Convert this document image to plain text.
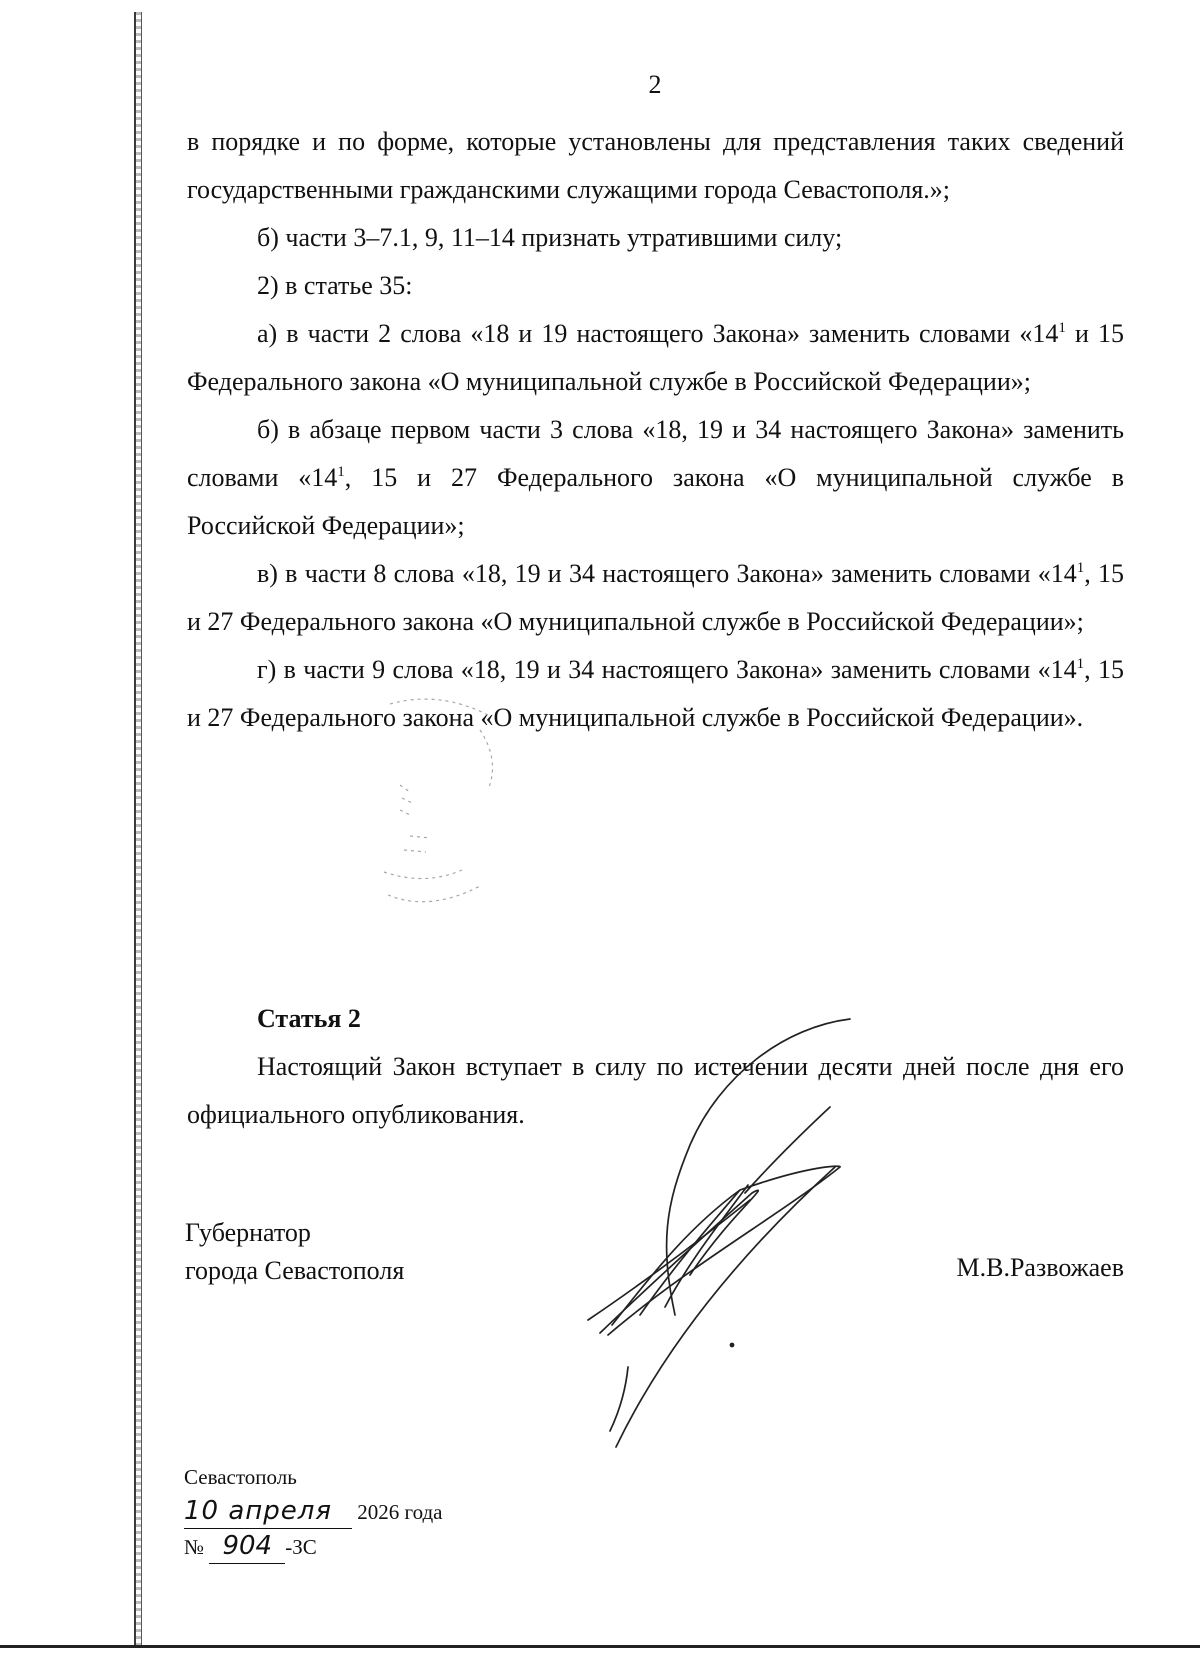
2

в порядке и по форме, которые установлены для представления таких сведений государственными гражданскими служащими города Севастополя.»;

б) части 3–7.1, 9, 11–14 признать утратившими силу;

2) в статье 35:

а) в части 2 слова «18 и 19 настоящего Закона» заменить словами «$14^1$ и 15 Федерального закона «О муниципальной службе в Российской Федерации»;

б) в абзаце первом части 3 слова «18, 19 и 34 настоящего Закона» заменить словами «$14^1$, 15 и 27 Федерального закона «О муниципальной службе в Российской Федерации»;

в) в части 8 слова «18, 19 и 34 настоящего Закона» заменить словами «$14^1$, 15 и 27 Федерального закона «О муниципальной службе в Российской Федерации»;

г) в части 9 слова «18, 19 и 34 настоящего Закона» заменить словами «$14^1$, 15 и 27 Федерального закона «О муниципальной службе в Российской Федерации».

Статья 2

Настоящий Закон вступает в силу по истечении десяти дней после дня его официального опубликования.

Губернатор
города Севастополя	М.В.Развожаев
Севастополь
10 апреля 2026 года
№ 904 -ЗС
